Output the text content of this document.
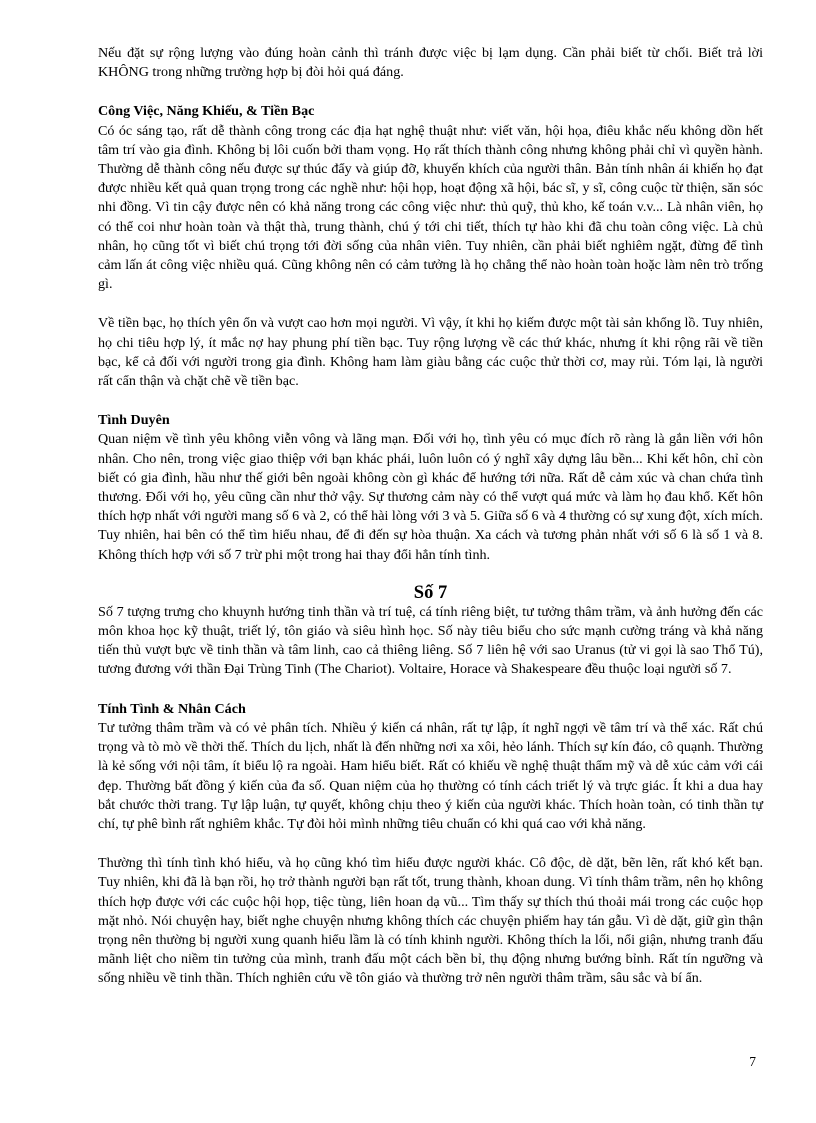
Nếu đặt sự rộng lượng vào đúng hoàn cảnh thì tránh được việc bị lạm dụng. Cần phải biết từ chối. Biết trả lời KHÔNG trong những trường hợp bị đòi hỏi quá đáng.

Công Việc, Năng Khiếu, & Tiền Bạc

Có óc sáng tạo, rất dễ thành công trong các địa hạt nghệ thuật như: viết văn, hội họa, điêu khắc nếu không dồn hết tâm trí vào gia đình. Không bị lôi cuốn bởi tham vọng. Họ rất thích thành công nhưng không phải chỉ vì quyền hành. Thường dễ thành công nếu được sự thúc đẩy và giúp đỡ, khuyến khích của người thân. Bản tính nhân ái khiến họ đạt được nhiều kết quả quan trọng trong các nghề như: hội họp, hoạt động xã hội, bác sĩ, y sĩ, công cuộc từ thiện, săn sóc nhi đồng. Vì tin cậy được nên có khả năng trong các công việc như: thủ quỹ, thủ kho, kế toán v.v... Là nhân viên, họ có thể coi như hoàn toàn và thật thà, trung thành, chú ý tới chi tiết, thích tự hào khi đã chu toàn công việc. Là chủ nhân, họ cũng tốt vì biết chú trọng tới đời sống của nhân viên. Tuy nhiên, cần phải biết nghiêm ngặt, đừng để tình cảm lấn át công việc nhiều quá. Cũng không nên có cảm tưởng là họ chẳng thể nào hoàn toàn hoặc làm nên trò trống gì.

Về tiền bạc, họ thích yên ổn và vượt cao hơn mọi người. Vì vậy, ít khi họ kiếm được một tài sản khổng lồ. Tuy nhiên, họ chi tiêu hợp lý, ít mắc nợ hay phung phí tiền bạc. Tuy rộng lượng về các thứ khác, nhưng ít khi rộng rãi về tiền bạc, kể cả đối với người trong gia đình. Không ham làm giàu bằng các cuộc thử thời cơ, may rủi. Tóm lại, là người rất cẩn thận và chặt chẽ về tiền bạc.

Tình Duyên

Quan niệm về tình yêu không viễn vông và lãng mạn. Đối với họ, tình yêu có mục đích rõ ràng là gắn liền với hôn nhân. Cho nên, trong việc giao thiệp với bạn khác phái, luôn luôn có ý nghĩ xây dựng lâu bền... Khi kết hôn, chỉ còn biết có gia đình, hầu như thế giới bên ngoài không còn gì khác để hướng tới nữa. Rất dễ cảm xúc và chan chứa tình thương. Đối với họ, yêu cũng cần như thở vậy. Sự thương cảm này có thể vượt quá mức và làm họ đau khổ. Kết hôn thích hợp nhất với người mang số 6 và 2, có thể hài lòng với 3 và 5. Giữa số 6 và 4 thường có sự xung đột, xích mích. Tuy nhiên, hai bên có thể tìm hiểu nhau, để đi đến sự hòa thuận. Xa cách và tương phản nhất với số 6 là số 1 và 8. Không thích hợp với số 7 trừ phi một trong hai thay đổi hẳn tính tình.

Số 7

Số 7 tượng trưng cho khuynh hướng tinh thần và trí tuệ, cá tính riêng biệt, tư tưởng thâm trầm, và ảnh hưởng đến các môn khoa học kỹ thuật, triết lý, tôn giáo và siêu hình học. Số này tiêu biểu cho sức mạnh cường tráng và khả năng tiến thủ vượt bực về tinh thần và tâm linh, cao cả thiêng liêng. Số 7 liên hệ với sao Uranus (tử vi gọi là sao Thổ Tú), tương đương với thần Đại Trùng Tinh (The Chariot). Voltaire, Horace và Shakespeare đều thuộc loại người số 7.

Tính Tình & Nhân Cách

Tư tưởng thâm trầm và có vẻ phân tích. Nhiều ý kiến cá nhân, rất tự lập, ít nghĩ ngợi về tâm trí và thể xác. Rất chú trọng và tò mò về thời thế. Thích du lịch, nhất là đến những nơi xa xôi, hẻo lánh. Thích sự kín đáo, cô quạnh. Thường là kẻ sống với nội tâm, ít biểu lộ ra ngoài. Ham hiểu biết. Rất có khiếu về nghệ thuật thẩm mỹ và dễ xúc cảm với cái đẹp. Thường bất đồng ý kiến của đa số. Quan niệm của họ thường có tính cách triết lý và trực giác. Ít khi a dua hay bắt chước thời trang. Tự lập luận, tự quyết, không chịu theo ý kiến của người khác. Thích hoàn toàn, có tinh thần tự chí, tự phê bình rất nghiêm khắc. Tự đòi hỏi mình những tiêu chuẩn có khi quá cao với khả năng.

Thường thì tính tình khó hiểu, và họ cũng khó tìm hiểu được người khác. Cô độc, dè dặt, bẽn lẽn, rất khó kết bạn. Tuy nhiên, khi đã là bạn rồi, họ trở thành người bạn rất tốt, trung thành, khoan dung. Vì tính thâm trầm, nên họ không thích hợp được với các cuộc hội họp, tiệc tùng, liên hoan dạ vũ... Tìm thấy sự thích thú thoải mái trong các cuộc họp mặt nhỏ. Nói chuyện hay, biết nghe chuyện nhưng không thích các chuyện phiếm hay tán gẫu. Vì dè dặt, giữ gìn thận trọng nên thường bị người xung quanh hiểu lầm là có tính khinh người. Không thích la lối, nổi giận, nhưng tranh đấu mãnh liệt cho niềm tin tưởng của mình, tranh đấu một cách bền bỉ, thụ động nhưng bướng bỉnh. Rất tín ngưỡng và sống nhiều về tinh thần. Thích nghiên cứu về tôn giáo và thường trở nên người thâm trầm, sâu sắc và bí ẩn.

7
